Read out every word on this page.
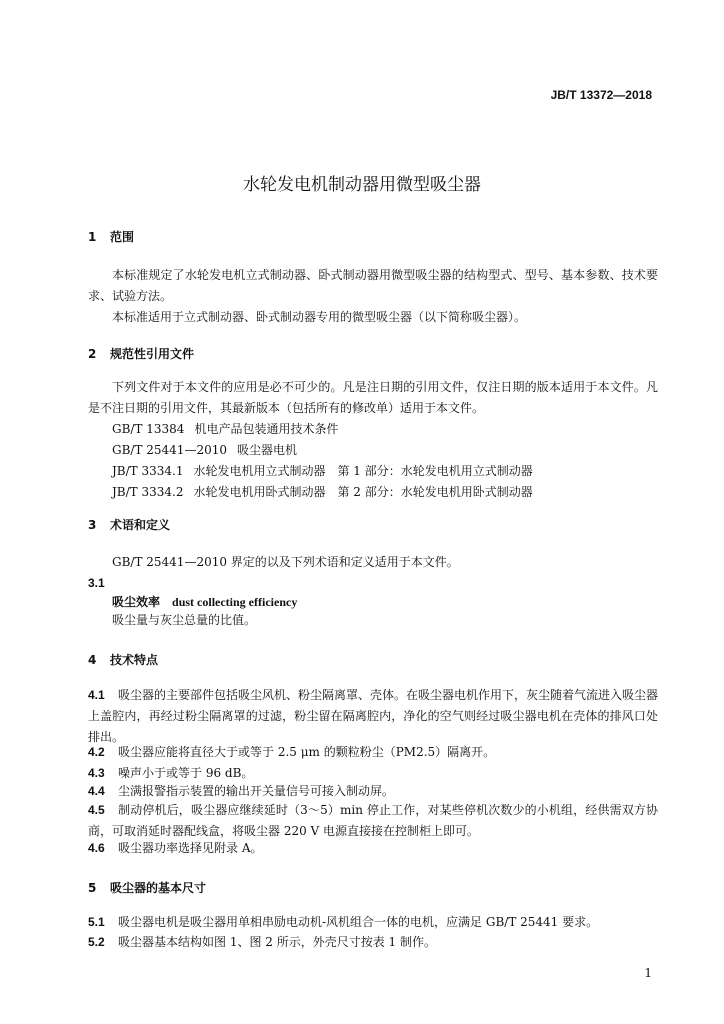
JB/T 13372—2018
水轮发电机制动器用微型吸尘器
1 范围
本标准规定了水轮发电机立式制动器、卧式制动器用微型吸尘器的结构型式、型号、基本参数、技术要求、试验方法。
本标准适用于立式制动器、卧式制动器专用的微型吸尘器（以下简称吸尘器）。
2 规范性引用文件
下列文件对于本文件的应用是必不可少的。凡是注日期的引用文件，仅注日期的版本适用于本文件。凡是不注日期的引用文件，其最新版本（包括所有的修改单）适用于本文件。
GB/T 13384 机电产品包装通用技术条件
GB/T 25441—2010 吸尘器电机
JB/T 3334.1 水轮发电机用立式制动器　第 1 部分：水轮发电机用立式制动器
JB/T 3334.2 水轮发电机用卧式制动器　第 2 部分：水轮发电机用卧式制动器
3 术语和定义
GB/T 25441—2010 界定的以及下列术语和定义适用于本文件。
3.1
吸尘效率 dust collecting efficiency
吸尘量与灰尘总量的比值。
4 技术特点
4.1 吸尘器的主要部件包括吸尘风机、粉尘隔离罩、壳体。在吸尘器电机作用下，灰尘随着气流进入吸尘器上盖腔内，再经过粉尘隔离罩的过滤，粉尘留在隔离腔内，净化的空气则经过吸尘器电机在壳体的排风口处排出。
4.2 吸尘器应能将直径大于或等于 2.5 μm 的颗粒粉尘（PM2.5）隔离开。
4.3 噪声小于或等于 96 dB。
4.4 尘满报警指示装置的输出开关量信号可接入制动屏。
4.5 制动停机后，吸尘器应继续延时（3～5）min 停止工作，对某些停机次数少的小机组，经供需双方协商，可取消延时器配线盒，将吸尘器 220 V 电源直接接在控制柜上即可。
4.6 吸尘器功率选择见附录 A。
5 吸尘器的基本尺寸
5.1 吸尘器电机是吸尘器用单相串励电动机-风机组合一体的电机，应满足 GB/T 25441 要求。
5.2 吸尘器基本结构如图 1、图 2 所示，外壳尺寸按表 1 制作。
1
